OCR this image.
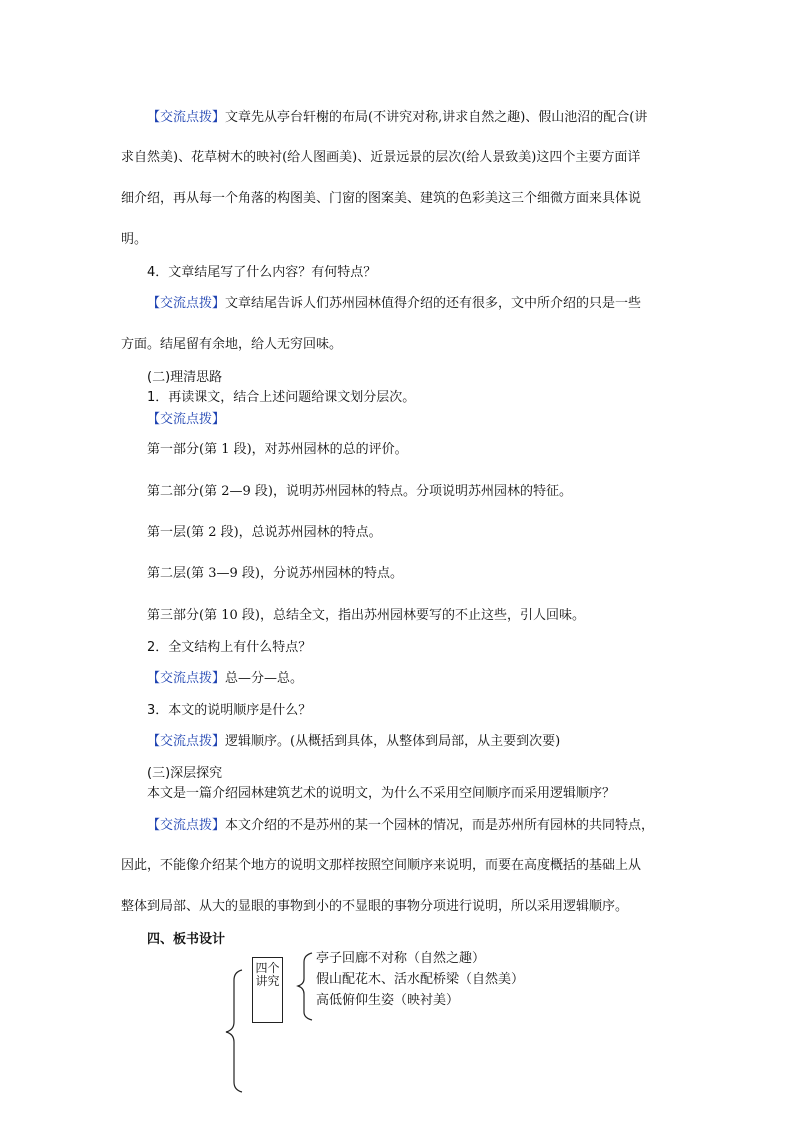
【交流点拨】文章先从亭台轩榭的布局(不讲究对称,讲求自然之趣)、假山池沼的配合(讲
求自然美)、花草树木的映衬(给人图画美)、近景远景的层次(给人景致美)这四个主要方面详
细介绍，再从每一个角落的构图美、门窗的图案美、建筑的色彩美这三个细微方面来具体说
明。
4．文章结尾写了什么内容？有何特点？
【交流点拨】文章结尾告诉人们苏州园林值得介绍的还有很多，文中所介绍的只是一些
方面。结尾留有余地，给人无穷回味。
(二)理清思路
1．再读课文，结合上述问题给课文划分层次。
【交流点拨】
第一部分(第 1 段)，对苏州园林的总的评价。
第二部分(第 2—9 段)，说明苏州园林的特点。分项说明苏州园林的特征。
第一层(第 2 段)，总说苏州园林的特点。
第二层(第 3—9 段)，分说苏州园林的特点。
第三部分(第 10 段)，总结全文，指出苏州园林要写的不止这些，引人回味。
2．全文结构上有什么特点？
【交流点拨】总—分—总。
3．本文的说明顺序是什么？
【交流点拨】逻辑顺序。(从概括到具体，从整体到局部，从主要到次要)
(三)深层探究
本文是一篇介绍园林建筑艺术的说明文，为什么不采用空间顺序而采用逻辑顺序？
【交流点拨】本文介绍的不是苏州的某一个园林的情况，而是苏州所有园林的共同特点，
因此，不能像介绍某个地方的说明文那样按照空间顺序来说明，而要在高度概括的基础上从
整体到局部、从大的显眼的事物到小的不显眼的事物分项进行说明，所以采用逻辑顺序。
四、板书设计
四个讲究
亭子回廊不对称（自然之趣）
假山配花木、活水配桥梁（自然美）
高低俯仰生姿（映衬美）
